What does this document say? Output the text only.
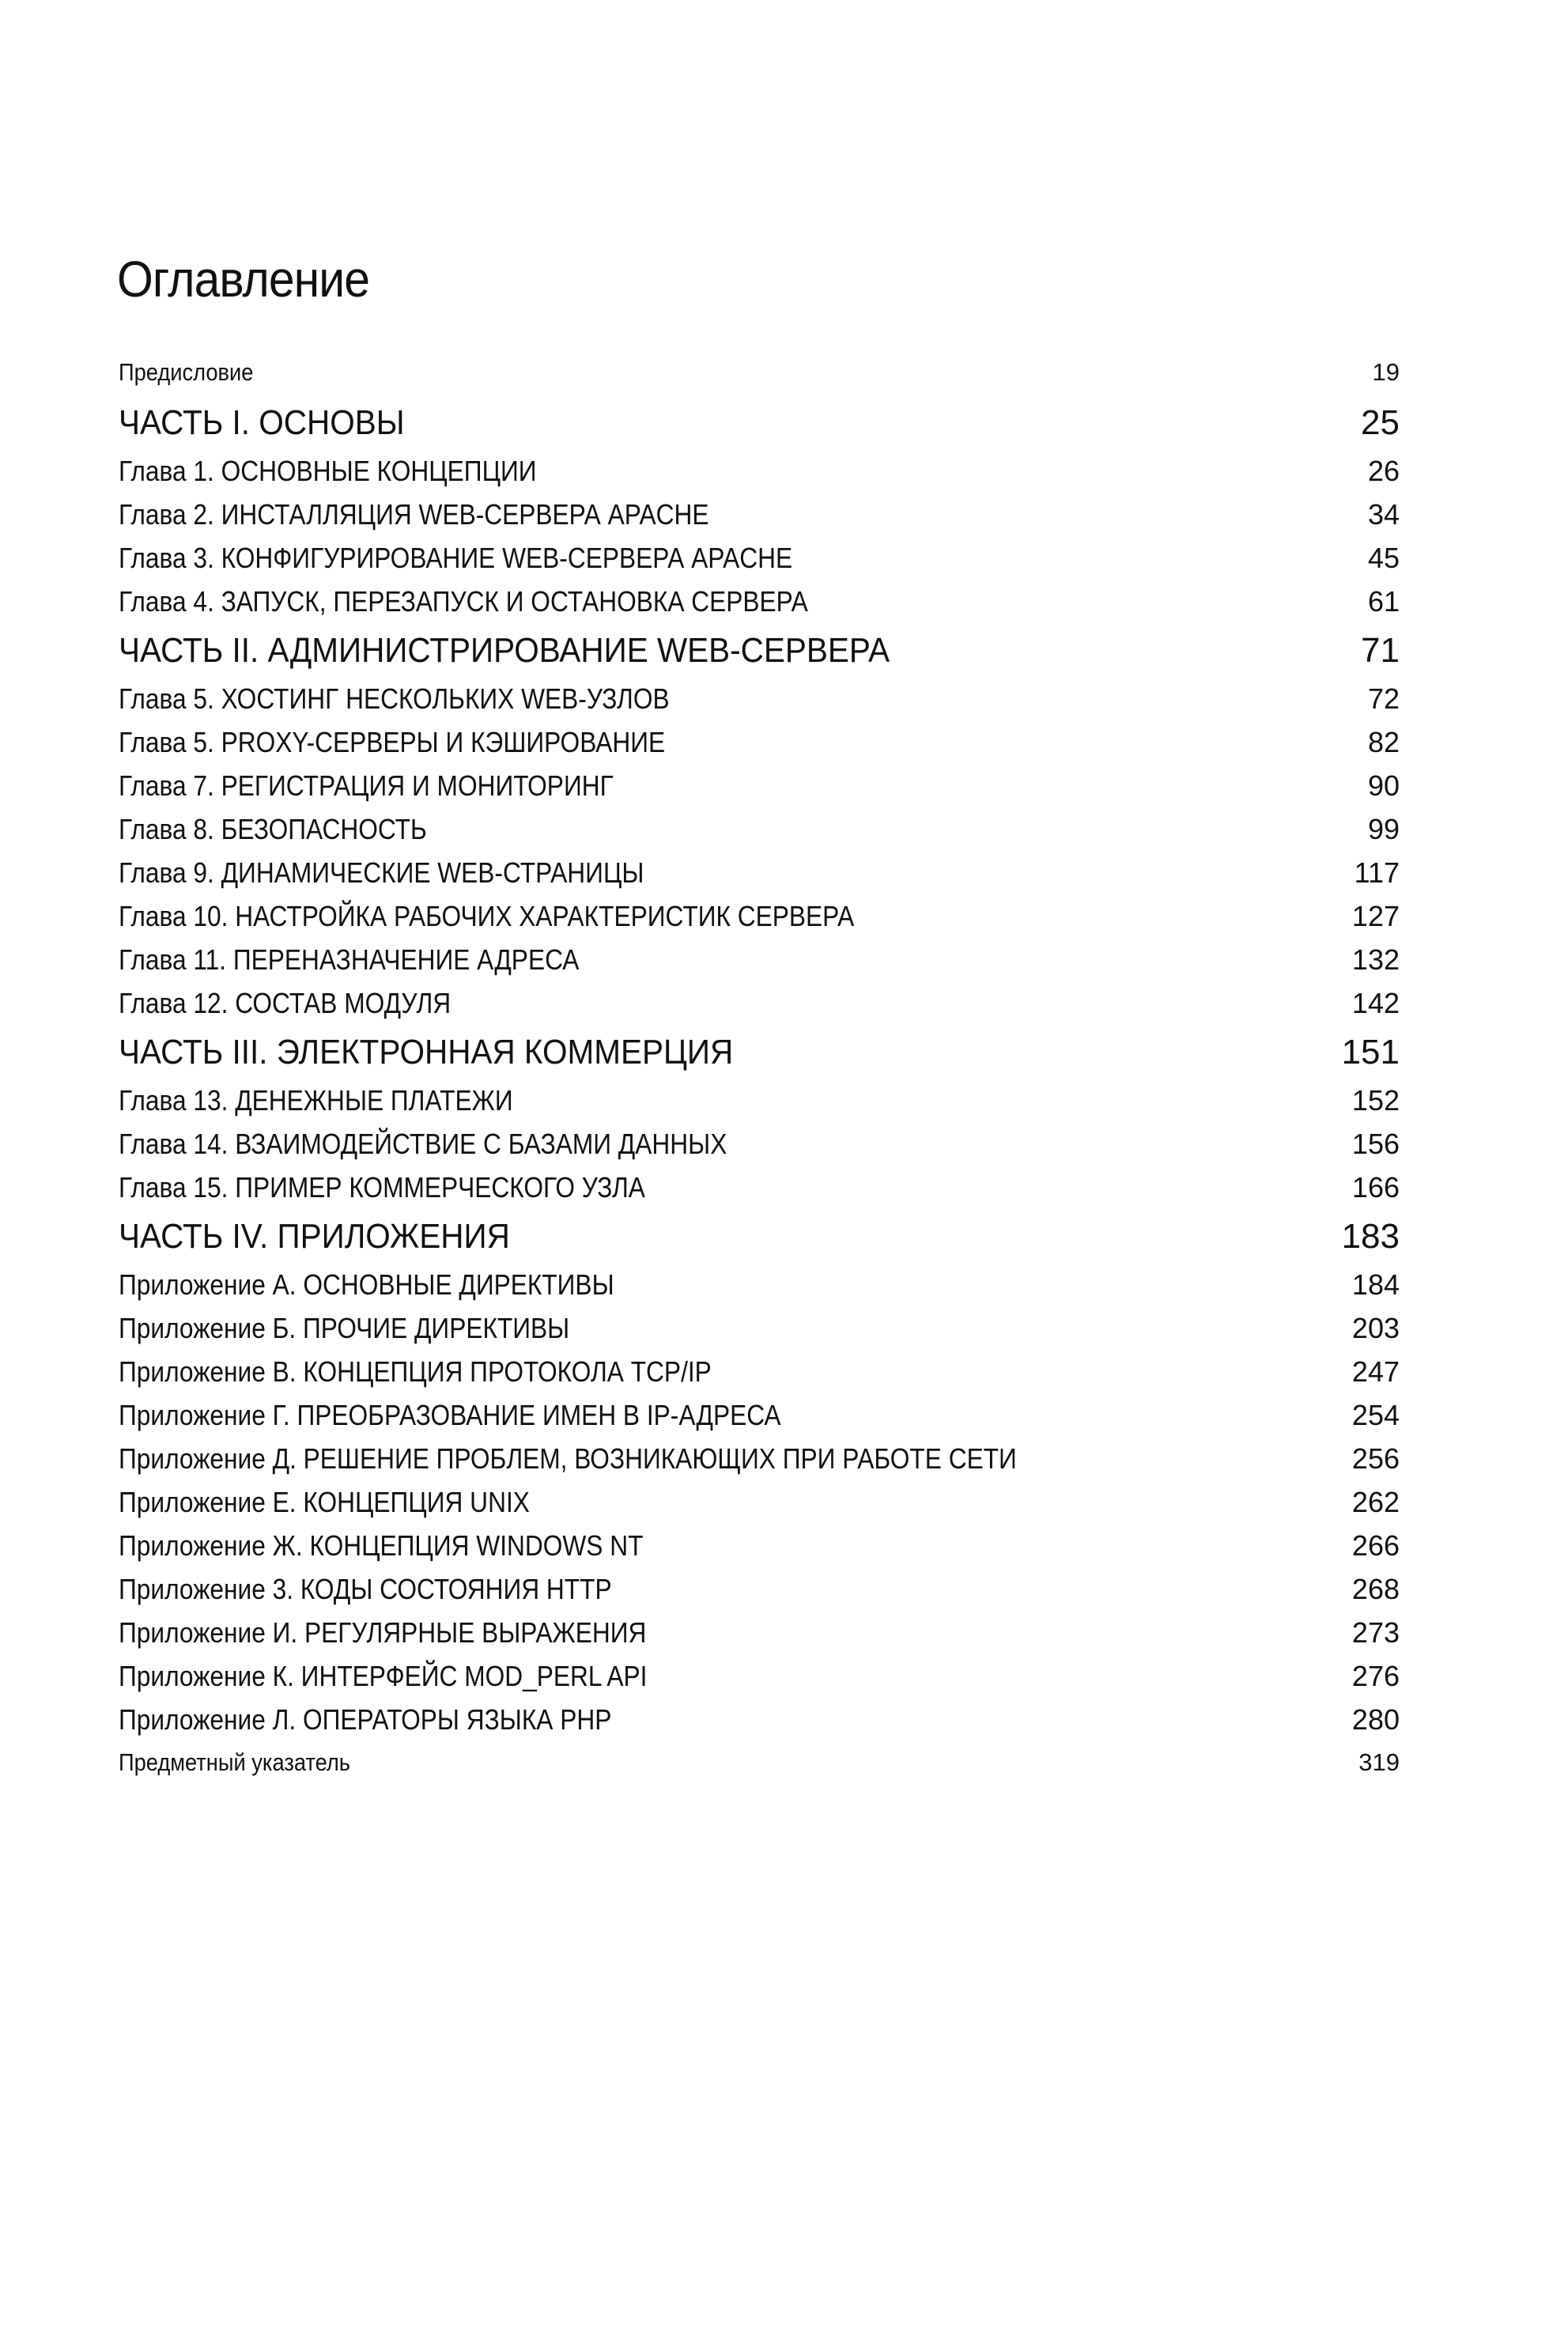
Оглавление
Предисловие	19
ЧАСТЬ I. ОСНОВЫ	25
Глава 1. ОСНОВНЫЕ КОНЦЕПЦИИ	26
Глава 2. ИНСТАЛЛЯЦИЯ WEB-СЕРВЕРА APACHE	34
Глава 3. КОНФИГУРИРОВАНИЕ WEB-СЕРВЕРА APACHE	45
Глава 4. ЗАПУСК, ПЕРЕЗАПУСК И ОСТАНОВКА СЕРВЕРА	61
ЧАСТЬ II. АДМИНИСТРИРОВАНИЕ WEB-СЕРВЕРА	71
Глава 5. ХОСТИНГ НЕСКОЛЬКИХ WEB-УЗЛОВ	72
Глава 5. PROXY-СЕРВЕРЫ И КЭШИРОВАНИЕ	82
Глава 7. РЕГИСТРАЦИЯ И МОНИТОРИНГ	90
Глава 8. БЕЗОПАСНОСТЬ	99
Глава 9. ДИНАМИЧЕСКИЕ WEB-СТРАНИЦЫ	117
Глава 10. НАСТРОЙКА РАБОЧИХ ХАРАКТЕРИСТИК СЕРВЕРА	127
Глава 11. ПЕРЕНАЗНАЧЕНИЕ АДРЕСА	132
Глава 12. СОСТАВ МОДУЛЯ	142
ЧАСТЬ III. ЭЛЕКТРОННАЯ КОММЕРЦИЯ	151
Глава 13. ДЕНЕЖНЫЕ ПЛАТЕЖИ	152
Глава 14. ВЗАИМОДЕЙСТВИЕ С БАЗАМИ ДАННЫХ	156
Глава 15. ПРИМЕР КОММЕРЧЕСКОГО УЗЛА	166
ЧАСТЬ IV. ПРИЛОЖЕНИЯ	183
Приложение А. ОСНОВНЫЕ ДИРЕКТИВЫ	184
Приложение Б. ПРОЧИЕ ДИРЕКТИВЫ	203
Приложение В. КОНЦЕПЦИЯ ПРОТОКОЛА TCP/IP	247
Приложение Г. ПРЕОБРАЗОВАНИЕ ИМЕН В IP-АДРЕСА	254
Приложение Д. РЕШЕНИЕ ПРОБЛЕМ, ВОЗНИКАЮЩИХ ПРИ РАБОТЕ СЕТИ	256
Приложение Е. КОНЦЕПЦИЯ UNIX	262
Приложение Ж. КОНЦЕПЦИЯ WINDOWS NT	266
Приложение 3. КОДЫ СОСТОЯНИЯ HTTP	268
Приложение И. РЕГУЛЯРНЫЕ ВЫРАЖЕНИЯ	273
Приложение К. ИНТЕРФЕЙС MOD_PERL API	276
Приложение Л. ОПЕРАТОРЫ ЯЗЫКА PHP	280
Предметный указатель	319
